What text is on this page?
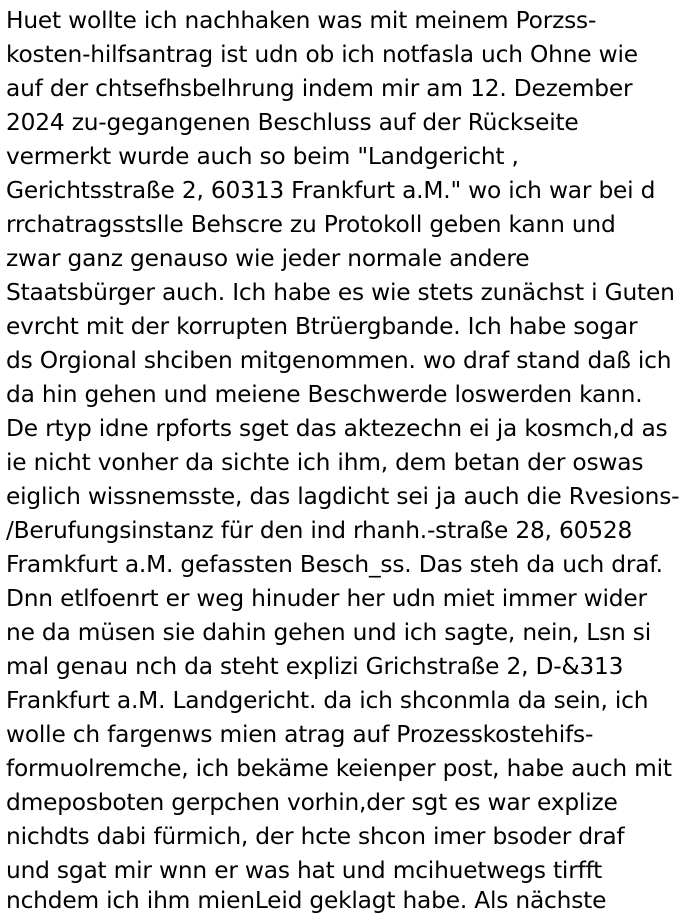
Huet wollte ich nachhaken was mit meinem Porzss-
kosten-hilfsantrag ist udn ob ich notfasla uch Ohne wie
auf der chtsefhsbelhrung indem mir am 12. Dezember
2024 zu-gegangenen Beschluss auf der Rückseite
vermerkt wurde auch so beim "Landgericht ,
Gerichtsstraße 2, 60313 Frankfurt a.M." wo ich war bei d
rrchatragsstslle Behscre zu Protokoll geben kann und
zwar ganz genauso wie jeder normale andere
Staatsbürger auch. Ich habe es wie stets zunächst i Guten
evrcht mit der korrupten Btrüergbande. Ich habe sogar
ds Orgional shciben mitgenommen. wo draf stand daß ich
da hin gehen und meiene Beschwerde loswerden kann.
De rtyp idne rpforts sget das aktezechn ei ja kosmch,d as
ie nicht vonher da sichte ich ihm, dem betan der oswas
eiglich wissnemsste, das lagdicht sei ja auch die Rvesions-
/Berufungsinstanz für den ind rhanh.-straße 28, 60528
Framkfurt a.M. gefassten Besch_ss. Das steh da uch draf.
Dnn etlfoenrt er weg hinuder her udn miet immer wider
ne da müsen sie dahin gehen und ich sagte, nein, Lsn si
mal genau nch da steht explizi Grichstraße 2, D-&313
Frankfurt a.M. Landgericht. da ich shconmla da sein, ich
wolle ch fargenws mien atrag auf Prozesskostehifs-
formuolremche, ich bekäme keienper post, habe auch mit
dmeposboten gerpchen vorhin,der sgt es war explize
nichdts dabi fürmich, der hcte shcon imer bsoder draf
und sgat mir wnn er was hat und mcihuetwegs tirfft
nchdem ich ihm mienLeid geklagt habe. Als nächste
